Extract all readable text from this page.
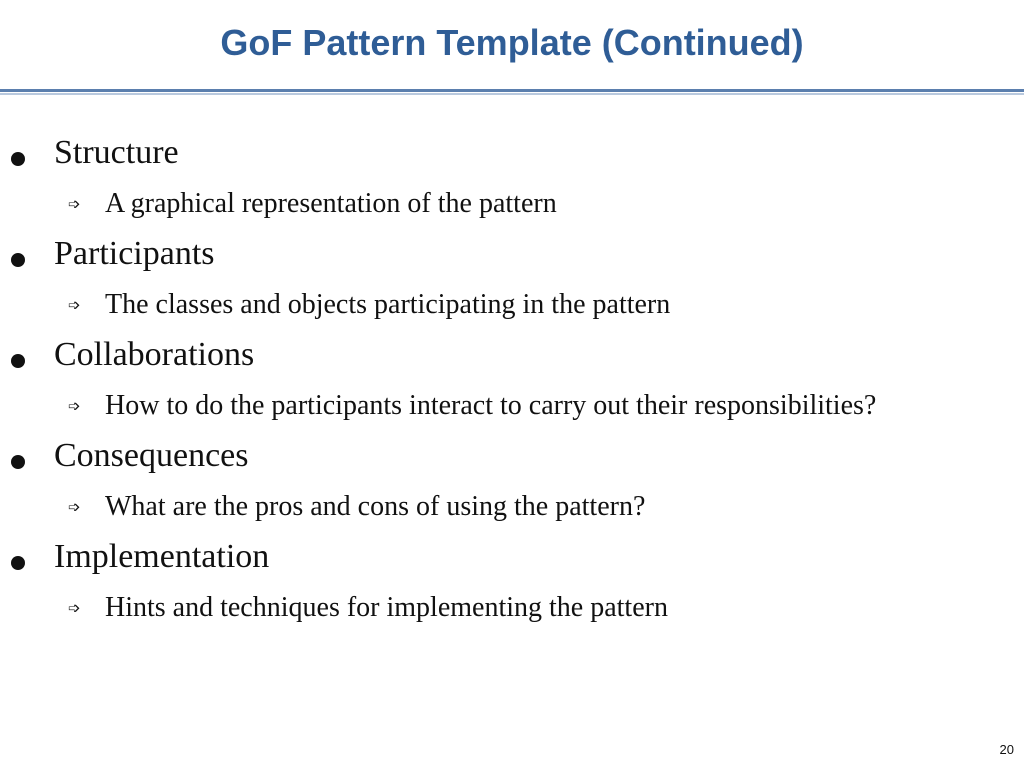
GoF Pattern Template (Continued)
Structure
➩ A graphical representation of the pattern
Participants
➩ The classes and objects participating in the pattern
Collaborations
➩ How to do the participants interact to carry out their responsibilities?
Consequences
➩ What are the pros and cons of using the pattern?
Implementation
➩ Hints and techniques for implementing the pattern
20
